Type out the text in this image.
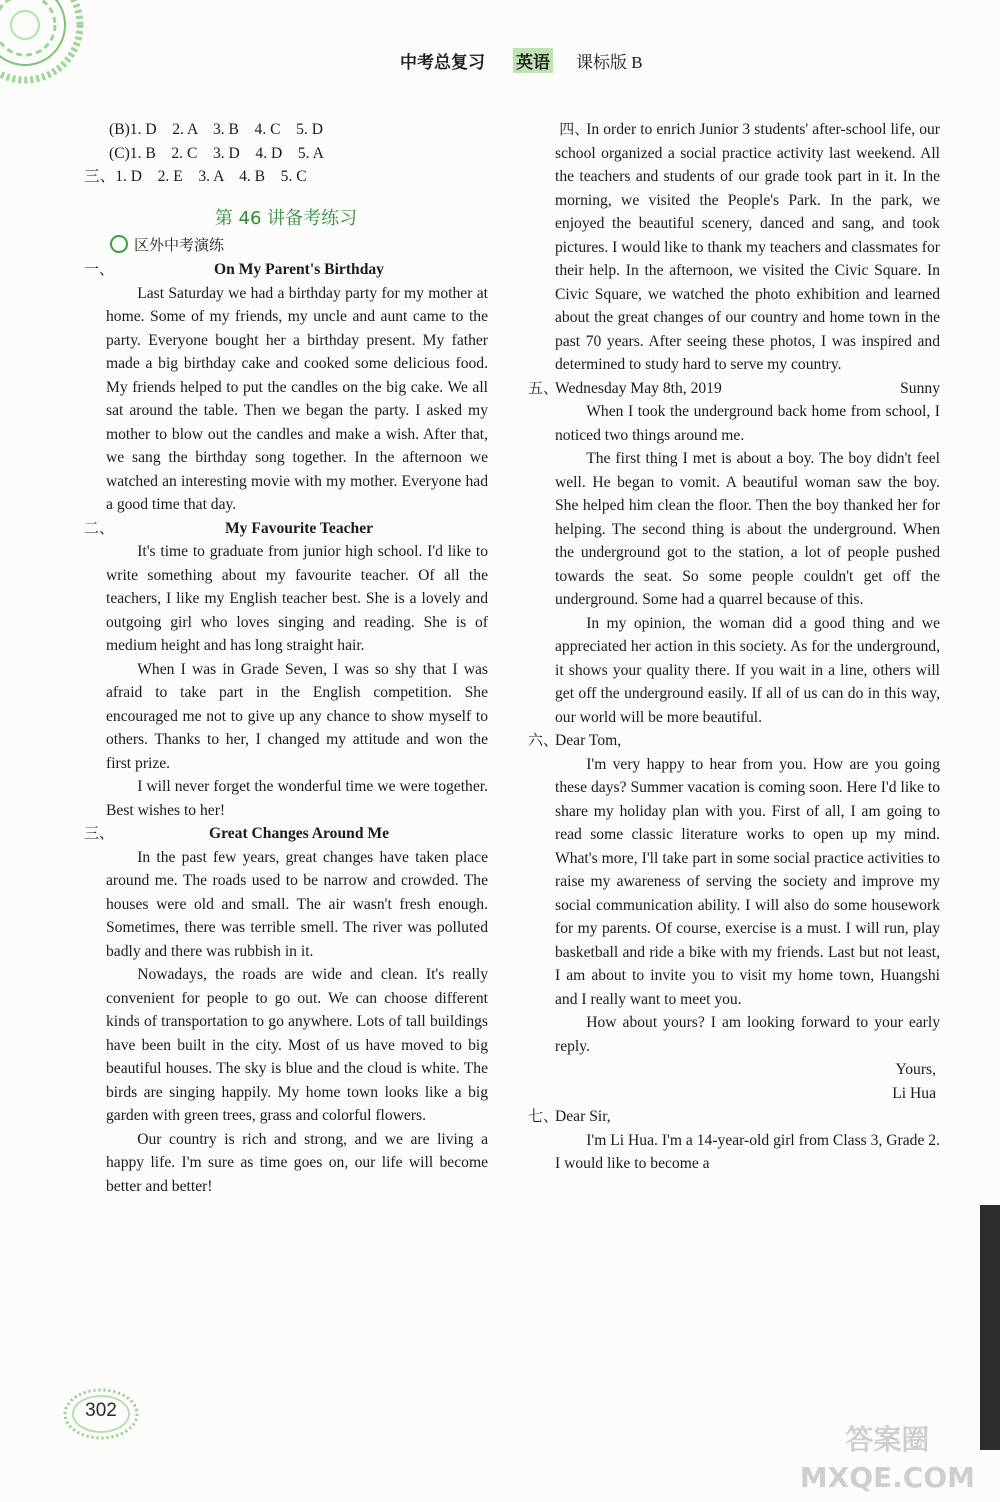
中考总复习 英语 课标版 B

(B)1. D　2. A　3. B　4. C　5. D

(C)1. B　2. C　3. D　4. D　5. A

三、1. D　2. E　3. A　4. B　5. C

第 46 讲备考练习
区外中考演练
一、	On My Parent's Birthday

Last Saturday we had a birthday party for my mother at home. Some of my friends, my uncle and aunt came to the party. Everyone bought her a birthday present. My father made a big birthday cake and cooked some delicious food. My friends helped to put the candles on the big cake. We all sat around the table. Then we began the party. I asked my mother to blow out the candles and make a wish. After that, we sang the birthday song together. In the afternoon we watched an interesting movie with my mother. Everyone had a good time that day.

二、	My Favourite Teacher

It's time to graduate from junior high school. I'd like to write something about my favourite teacher. Of all the teachers, I like my English teacher best. She is a lovely and outgoing girl who loves singing and reading. She is of medium height and has long straight hair.

When I was in Grade Seven, I was so shy that I was afraid to take part in the English competition. She encouraged me not to give up any chance to show myself to others. Thanks to her, I changed my attitude and won the first prize.

I will never forget the wonderful time we were together. Best wishes to her!

三、	Great Changes Around Me

In the past few years, great changes have taken place around me. The roads used to be narrow and crowded. The houses were old and small. The air wasn't fresh enough. Sometimes, there was terrible smell. The river was polluted badly and there was rubbish in it.

Nowadays, the roads are wide and clean. It's really convenient for people to go out. We can choose different kinds of transportation to go anywhere. Lots of tall buildings have been built in the city. Most of us have moved to big beautiful houses. The sky is blue and the cloud is white. The birds are singing happily. My home town looks like a big garden with green trees, grass and colorful flowers.

Our country is rich and strong, and we are living a happy life. I'm sure as time goes on, our life will become better and better!

四、
In order to enrich Junior 3 students' after-school life, our school organized a social practice activity last weekend. All the teachers and students of our grade took part in it. In the morning, we visited the People's Park. In the park, we enjoyed the beautiful scenery, danced and sang, and took pictures. I would like to thank my teachers and classmates for their help. In the afternoon, we visited the Civic Square. In Civic Square, we watched the photo exhibition and learned about the great changes of our country and home town in the past 70 years. After seeing these photos, I was inspired and determined to study hard to serve my country.

五、
Wednesday May 8th, 2019	Sunny

When I took the underground back home from school, I noticed two things around me.

The first thing I met is about a boy. The boy didn't feel well. He began to vomit. A beautiful woman saw the boy. She helped him clean the floor. Then the boy thanked her for helping. The second thing is about the underground. When the underground got to the station, a lot of people pushed towards the seat. So some people couldn't get off the underground. Some had a quarrel because of this.

In my opinion, the woman did a good thing and we appreciated her action in this society. As for the underground, it shows your quality there. If you wait in a line, others will get off the underground easily. If all of us can do in this way, our world will be more beautiful.

六、
Dear Tom,

I'm very happy to hear from you. How are you going these days? Summer vacation is coming soon. Here I'd like to share my holiday plan with you. First of all, I am going to read some classic literature works to open up my mind. What's more, I'll take part in some social practice activities to raise my awareness of serving the society and improve my social communication ability. I will also do some housework for my parents. Of course, exercise is a must. I will run, play basketball and ride a bike with my friends. Last but not least, I am about to invite you to visit my home town, Huangshi and I really want to meet you.

How about yours? I am looking forward to your early reply.

Yours,

Li Hua

七、
Dear Sir,

I'm Li Hua. I'm a 14-year-old girl from Class 3, Grade 2. I would like to become a

302
答案圈
MXQE.COM
